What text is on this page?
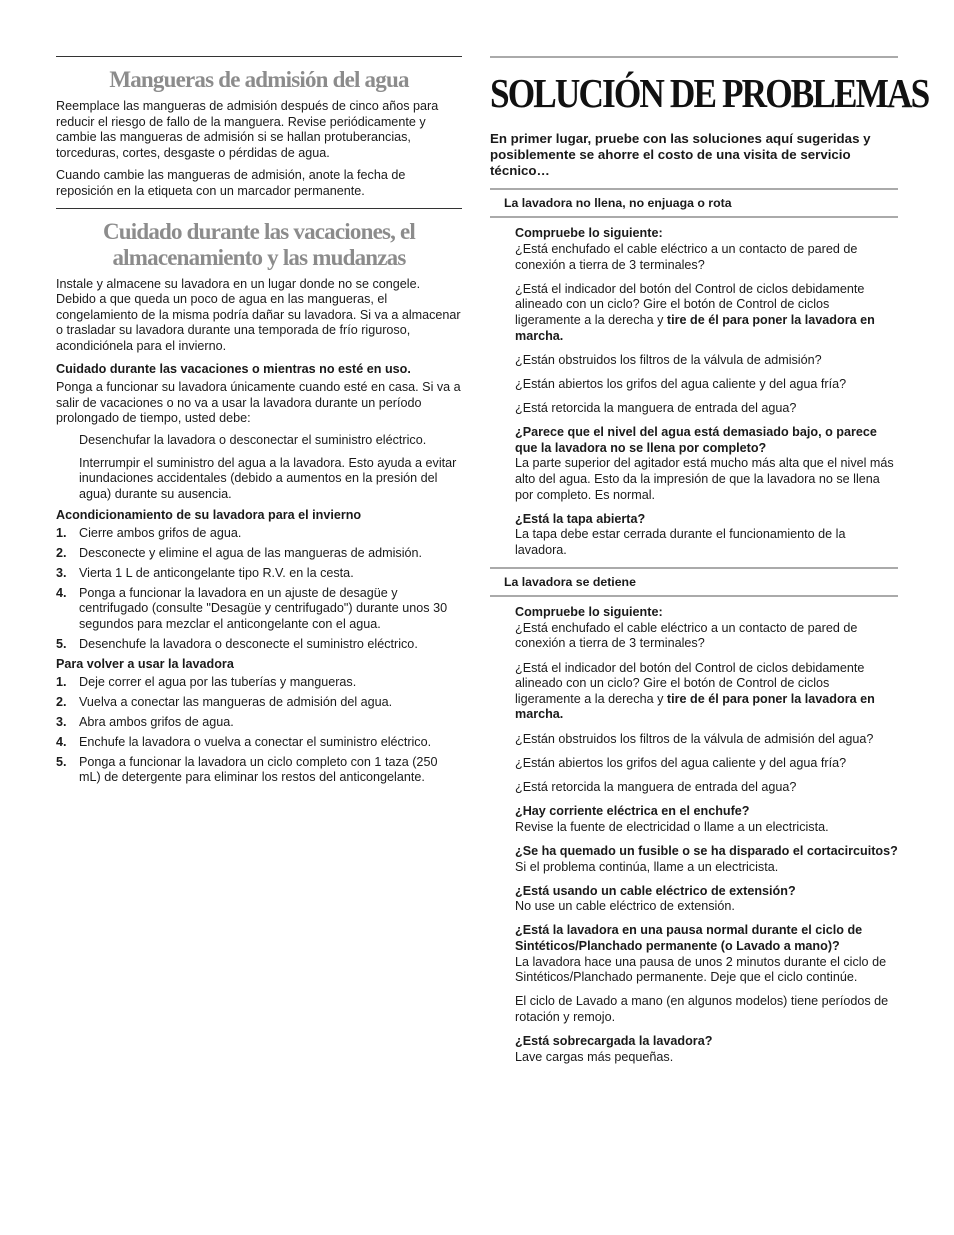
Mangueras de admisión del agua

Reemplace las mangueras de admisión después de cinco años para reducir el riesgo de fallo de la manguera. Revise periódicamente y cambie las mangueras de admisión si se hallan protuberancias, torceduras, cortes, desgaste o pérdidas de agua.

Cuando cambie las mangueras de admisión, anote la fecha de reposición en la etiqueta con un marcador permanente.

Cuidado durante las vacaciones, el
almacenamiento y las mudanzas

Instale y almacene su lavadora en un lugar donde no se congele. Debido a que queda un poco de agua en las mangueras, el congelamiento de la misma podría dañar su lavadora. Si va a almacenar o trasladar su lavadora durante una temporada de frío riguroso, acondiciónela para el invierno.

Cuidado durante las vacaciones o mientras no esté en uso.

Ponga a funcionar su lavadora únicamente cuando esté en casa. Si va a salir de vacaciones o no va a usar la lavadora durante un período prolongado de tiempo, usted debe:

Desenchufar la lavadora o desconectar el suministro eléctrico.

Interrumpir el suministro del agua a la lavadora. Esto ayuda a evitar inundaciones accidentales (debido a aumentos en la presión del agua) durante su ausencia.

Acondicionamiento de su lavadora para el invierno

1. Cierre ambos grifos de agua.
2. Desconecte y elimine el agua de las mangueras de admisión.
3. Vierta 1 L de anticongelante tipo R.V. en la cesta.
4. Ponga a funcionar la lavadora en un ajuste de desagüe y centrifugado (consulte "Desagüe y centrifugado") durante unos 30 segundos para mezclar el anticongelante con el agua.
5. Desenchufe la lavadora o desconecte el suministro eléctrico.

Para volver a usar la lavadora

1. Deje correr el agua por las tuberías y mangueras.
2. Vuelva a conectar las mangueras de admisión del agua.
3. Abra ambos grifos de agua.
4. Enchufe la lavadora o vuelva a conectar el suministro eléctrico.
5. Ponga a funcionar la lavadora un ciclo completo con 1 taza (250 mL) de detergente para eliminar los restos del anticongelante.
SOLUCIÓN DE PROBLEMAS

En primer lugar, pruebe con las soluciones aquí sugeridas y posiblemente se ahorre el costo de una visita de servicio técnico…

La lavadora no llena, no enjuaga o rota

Compruebe lo siguiente:
¿Está enchufado el cable eléctrico a un contacto de pared de conexión a tierra de 3 terminales?

¿Está el indicador del botón del Control de ciclos debidamente alineado con un ciclo? Gire el botón de Control de ciclos ligeramente a la derecha y tire de él para poner la lavadora en marcha.

¿Están obstruidos los filtros de la válvula de admisión?

¿Están abiertos los grifos del agua caliente y del agua fría?

¿Está retorcida la manguera de entrada del agua?

¿Parece que el nivel del agua está demasiado bajo, o parece que la lavadora no se llena por completo?
La parte superior del agitador está mucho más alta que el nivel más alto del agua. Esto da la impresión de que la lavadora no se llena por completo. Es normal.

¿Está la tapa abierta?
La tapa debe estar cerrada durante el funcionamiento de la lavadora.

La lavadora se detiene

Compruebe lo siguiente:
¿Está enchufado el cable eléctrico a un contacto de pared de conexión a tierra de 3 terminales?

¿Está el indicador del botón del Control de ciclos debidamente alineado con un ciclo? Gire el botón de Control de ciclos ligeramente a la derecha y tire de él para poner la lavadora en marcha.

¿Están obstruidos los filtros de la válvula de admisión del agua?

¿Están abiertos los grifos del agua caliente y del agua fría?

¿Está retorcida la manguera de entrada del agua?

¿Hay corriente eléctrica en el enchufe?
Revise la fuente de electricidad o llame a un electricista.

¿Se ha quemado un fusible o se ha disparado el cortacircuitos?
Si el problema continúa, llame a un electricista.

¿Está usando un cable eléctrico de extensión?
No use un cable eléctrico de extensión.

¿Está la lavadora en una pausa normal durante el ciclo de Sintéticos/Planchado permanente (o Lavado a mano)?
La lavadora hace una pausa de unos 2 minutos durante el ciclo de Sintéticos/Planchado permanente. Deje que el ciclo continúe.

El ciclo de Lavado a mano (en algunos modelos) tiene períodos de rotación y remojo.

¿Está sobrecargada la lavadora?
Lave cargas más pequeñas.
